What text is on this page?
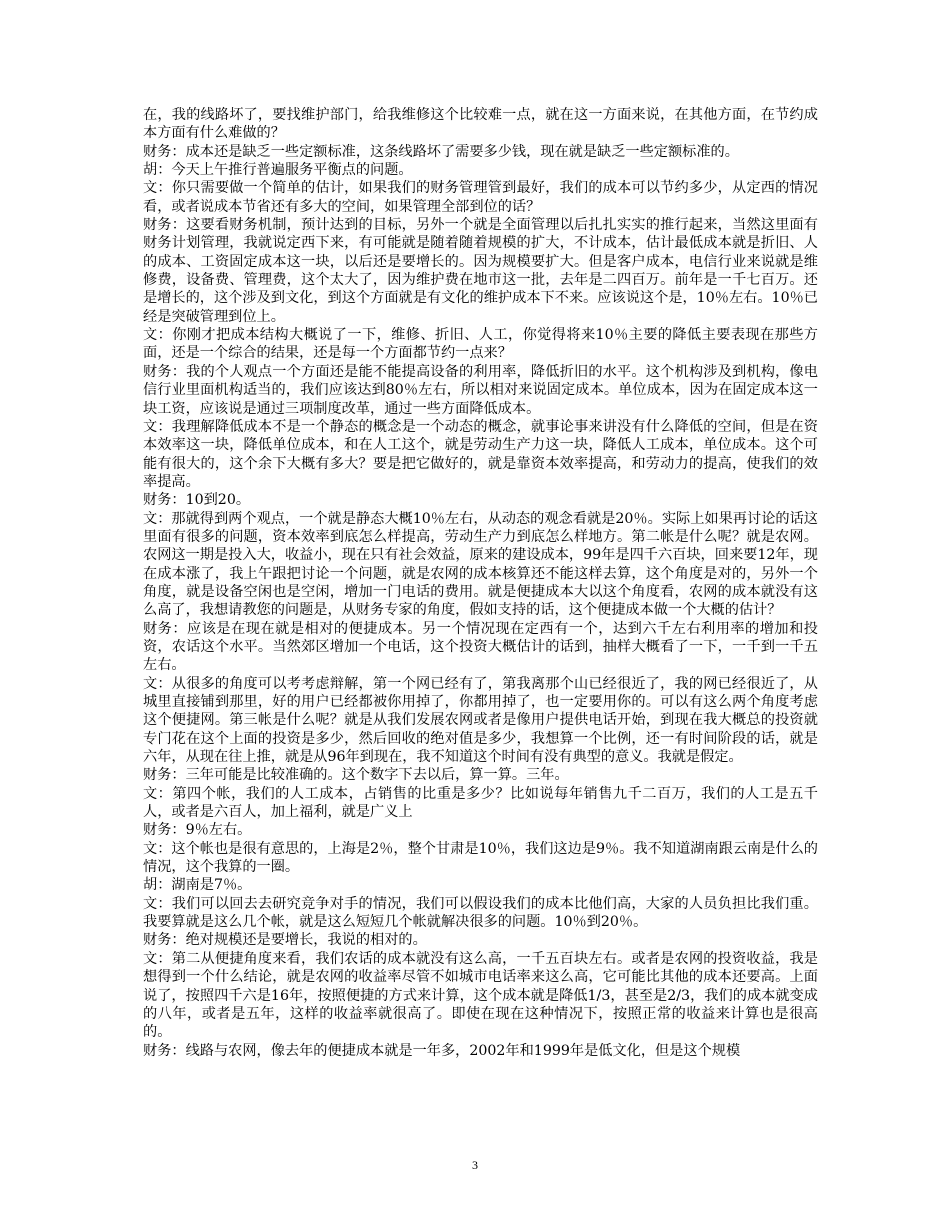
在，我的线路坏了，要找维护部门，给我维修这个比较难一点，就在这一方面来说，在其他方面，在节约成本方面有什么难做的？

财务：成本还是缺乏一些定额标准，这条线路坏了需要多少钱，现在就是缺乏一些定额标准的。

胡：今天上午推行普遍服务平衡点的问题。

文：你只需要做一个简单的估计，如果我们的财务管理管到最好，我们的成本可以节约多少，从定西的情况看，或者说成本节省还有多大的空间，如果管理全部到位的话？

财务：这要看财务机制，预计达到的目标，另外一个就是全面管理以后扎扎实实的推行起来，当然这里面有财务计划管理，我就说定西下来，有可能就是随着随着规模的扩大，不计成本，估计最低成本就是折旧、人的成本、工资固定成本这一块，以后还是要增长的。因为规模要扩大。但是客户成本，电信行业来说就是维修费，设备费、管理费，这个太大了，因为维护费在地市这一批，去年是二四百万。前年是一千七百万。还是增长的，这个涉及到文化，到这个方面就是有文化的维护成本下不来。应该说这个是，10％左右。10％已经是突破管理到位上。

文：你刚才把成本结构大概说了一下，维修、折旧、人工，你觉得将来10％主要的降低主要表现在那些方面，还是一个综合的结果，还是每一个方面都节约一点来？

财务：我的个人观点一个方面还是能不能提高设备的利用率，降低折旧的水平。这个机构涉及到机构，像电信行业里面机构适当的，我们应该达到80％左右，所以相对来说固定成本。单位成本，因为在固定成本这一块工资，应该说是通过三项制度改革，通过一些方面降低成本。

文：我理解降低成本不是一个静态的概念是一个动态的概念，就事论事来讲没有什么降低的空间，但是在资本效率这一块，降低单位成本，和在人工这个，就是劳动生产力这一块，降低人工成本，单位成本。这个可能有很大的，这个余下大概有多大？要是把它做好的，就是靠资本效率提高，和劳动力的提高，使我们的效率提高。

财务：10到20。

文：那就得到两个观点，一个就是静态大概10％左右，从动态的观念看就是20％。实际上如果再讨论的话这里面有很多的问题，资本效率到底怎么样提高，劳动生产力到底怎么样地方。第二帐是什么呢？就是农网。农网这一期是投入大，收益小，现在只有社会效益，原来的建设成本，99年是四千六百块，回来要12年，现在成本涨了，我上午跟把讨论一个问题，就是农网的成本核算还不能这样去算，这个角度是对的，另外一个角度，就是设备空闲也是空闲，增加一门电话的费用。就是便捷成本大以这个角度看，农网的成本就没有这么高了，我想请教您的问题是，从财务专家的角度，假如支持的话，这个便捷成本做一个大概的估计？

财务：应该是在现在就是相对的便捷成本。另一个情况现在定西有一个，达到六千左右利用率的增加和投资，农话这个水平。当然郊区增加一个电话，这个投资大概估计的话到，抽样大概看了一下，一千到一千五左右。

文：从很多的角度可以考考虑辩解，第一个网已经有了，第我离那个山已经很近了，我的网已经很近了，从城里直接铺到那里，好的用户已经都被你用掉了，你都用掉了，也一定要用你的。可以有这么两个角度考虑这个便捷网。第三帐是什么呢？就是从我们发展农网或者是像用户提供电话开始，到现在我大概总的投资就专门花在这个上面的投资是多少，然后回收的绝对值是多少，我想算一个比例，还一有时间阶段的话，就是六年，从现在往上推，就是从96年到现在，我不知道这个时间有没有典型的意义。我就是假定。

财务：三年可能是比较准确的。这个数字下去以后，算一算。三年。

文：第四个帐，我们的人工成本，占销售的比重是多少？比如说每年销售九千二百万，我们的人工是五千人，或者是六百人，加上福利，就是广义上

财务：9％左右。

文：这个帐也是很有意思的，上海是2％，整个甘肃是10％，我们这边是9％。我不知道湖南跟云南是什么的情况，这个我算的一圈。

胡：湖南是7％。

文：我们可以回去去研究竞争对手的情况，我们可以假设我们的成本比他们高，大家的人员负担比我们重。我要算就是这么几个帐，就是这么短短几个帐就解决很多的问题。10％到20％。

财务：绝对规模还是要增长，我说的相对的。

文：第二从便捷角度来看，我们农话的成本就没有这么高，一千五百块左右。或者是农网的投资收益，我是想得到一个什么结论，就是农网的收益率尽管不如城市电话率来这么高，它可能比其他的成本还要高。上面说了，按照四千六是16年，按照便捷的方式来计算，这个成本就是降低1/3，甚至是2/3，我们的成本就变成的八年，或者是五年，这样的收益率就很高了。即使在现在这种情况下，按照正常的收益来计算也是很高的。

财务：线路与农网，像去年的便捷成本就是一年多，2002年和1999年是低文化，但是这个规模

3
